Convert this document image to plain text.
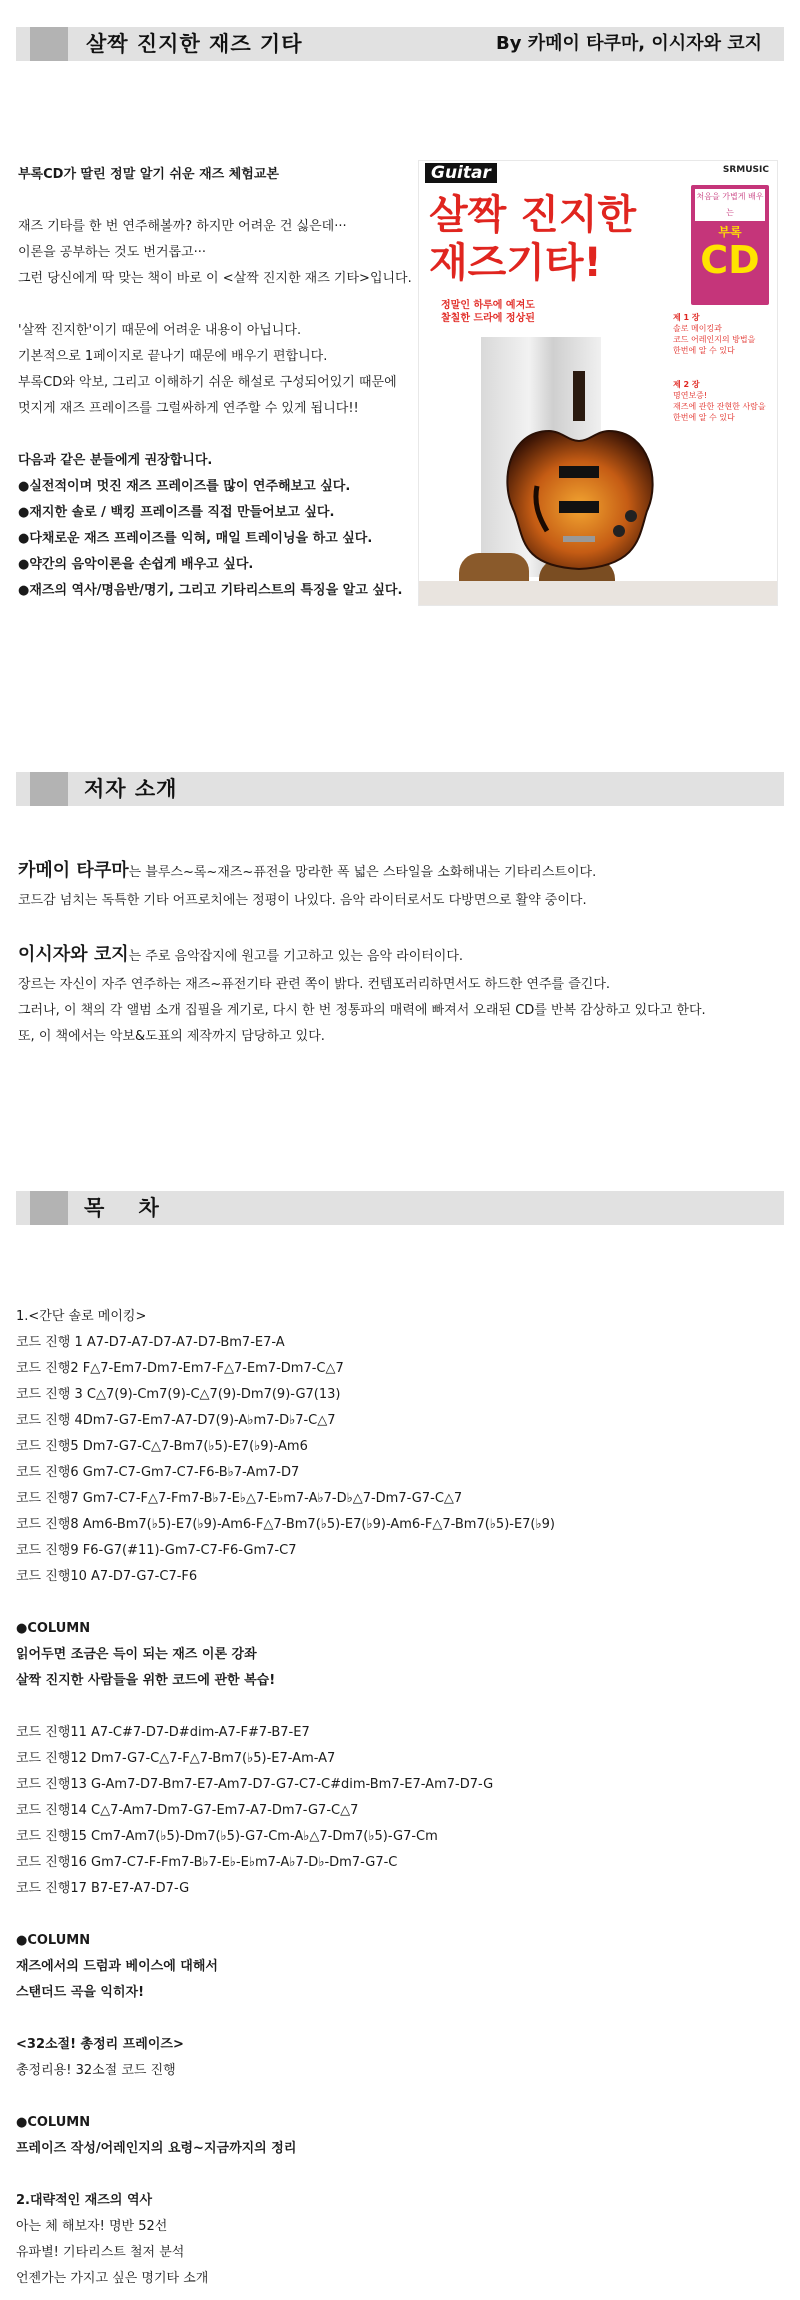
살짝 진지한 재즈 기타	By 카메이 타쿠마, 이시자와 코지
부록CD가 딸린 정말 알기 쉬운 재즈 체험교본
재즈 기타를 한 번 연주해볼까? 하지만 어려운 건 싫은데···
이론을 공부하는 것도 번거롭고···
그런 당신에게 딱 맞는 책이 바로 이 <살짝 진지한 재즈 기타>입니다.
'살짝 진지한'이기 때문에 어려운 내용이 아닙니다.
기본적으로 1페이지로 끝나기 때문에 배우기 편합니다.
부록CD와 악보, 그리고 이해하기 쉬운 해설로 구성되어있기 때문에
멋지게 재즈 프레이즈를 그럴싸하게 연주할 수 있게 됩니다!!
다음과 같은 분들에게 권장합니다.
●실전적이며 멋진 재즈 프레이즈를 많이 연주해보고 싶다.
●재지한 솔로 / 백킹 프레이즈를 직접 만들어보고 싶다.
●다채로운 재즈 프레이즈를 익혀, 매일 트레이닝을 하고 싶다.
●약간의 음악이론을 손쉽게 배우고 싶다.
●재즈의 역사/명음반/명기, 그리고 기타리스트의 특징을 알고 싶다.
Guitar	SRMUSIC
살짝 진지한
재즈기타!
처음을 가볍게 배우는
부록
CD
정말인 하루에 예져도
찰칠한 드라에 정상된	제 1 장
솔로 메이킹과
코드 어레인지의 방법을
한번에 알 수 있다
제 2 장
명연보증!
재즈에 관한 잔현한 사람을
한번에 알 수 있다
저자 소개
카메이 타쿠마는 블루스~록~재즈~퓨전을 망라한 폭 넓은 스타일을 소화해내는 기타리스트이다.
코드감 넘치는 독특한 기타 어프로치에는 정평이 나있다. 음악 라이터로서도 다방면으로 활약 중이다.
이시자와 코지는 주로 음악잡지에 원고를 기고하고 있는 음악 라이터이다.
장르는 자신이 자주 연주하는 재즈~퓨전기타 관련 쪽이 밝다. 컨템포러리하면서도 하드한 연주를 즐긴다.
그러나, 이 책의 각 앨범 소개 집필을 계기로, 다시 한 번 정통파의 매력에 빠져서 오래된 CD를 반복 감상하고 있다고 한다.
또, 이 책에서는 악보&도표의 제작까지 담당하고 있다.
목    차
1.<간단 솔로 메이킹>
코드 진행 1 A7-D7-A7-D7-A7-D7-Bm7-E7-A
코드 진행2 F△7-Em7-Dm7-Em7-F△7-Em7-Dm7-C△7
코드 진행 3 C△7(9)-Cm7(9)-C△7(9)-Dm7(9)-G7(13)
코드 진행 4Dm7-G7-Em7-A7-D7(9)-A♭m7-D♭7-C△7
코드 진행5 Dm7-G7-C△7-Bm7(♭5)-E7(♭9)-Am6
코드 진행6 Gm7-C7-Gm7-C7-F6-B♭7-Am7-D7
코드 진행7 Gm7-C7-F△7-Fm7-B♭7-E♭△7-E♭m7-A♭7-D♭△7-Dm7-G7-C△7
코드 진행8 Am6-Bm7(♭5)-E7(♭9)-Am6-F△7-Bm7(♭5)-E7(♭9)-Am6-F△7-Bm7(♭5)-E7(♭9)
코드 진행9 F6-G7(#11)-Gm7-C7-F6-Gm7-C7
코드 진행10 A7-D7-G7-C7-F6
●COLUMN
읽어두면 조금은 득이 되는 재즈 이론 강좌
살짝 진지한 사람들을 위한 코드에 관한 복습!
코드 진행11 A7-C#7-D7-D#dim-A7-F#7-B7-E7
코드 진행12 Dm7-G7-C△7-F△7-Bm7(♭5)-E7-Am-A7
코드 진행13 G-Am7-D7-Bm7-E7-Am7-D7-G7-C7-C#dim-Bm7-E7-Am7-D7-G
코드 진행14 C△7-Am7-Dm7-G7-Em7-A7-Dm7-G7-C△7
코드 진행15 Cm7-Am7(♭5)-Dm7(♭5)-G7-Cm-A♭△7-Dm7(♭5)-G7-Cm
코드 진행16 Gm7-C7-F-Fm7-B♭7-E♭-E♭m7-A♭7-D♭-Dm7-G7-C
코드 진행17 B7-E7-A7-D7-G
●COLUMN
재즈에서의 드럼과 베이스에 대해서
스탠더드 곡을 익히자!
<32소절! 총정리 프레이즈>
총정리용! 32소절 코드 진행
●COLUMN
프레이즈 작성/어레인지의 요령~지금까지의 정리
2.대략적인 재즈의 역사
아는 체 해보자! 명반 52선
유파별! 기타리스트 철저 분석
언젠가는 가지고 싶은 명기타 소개
